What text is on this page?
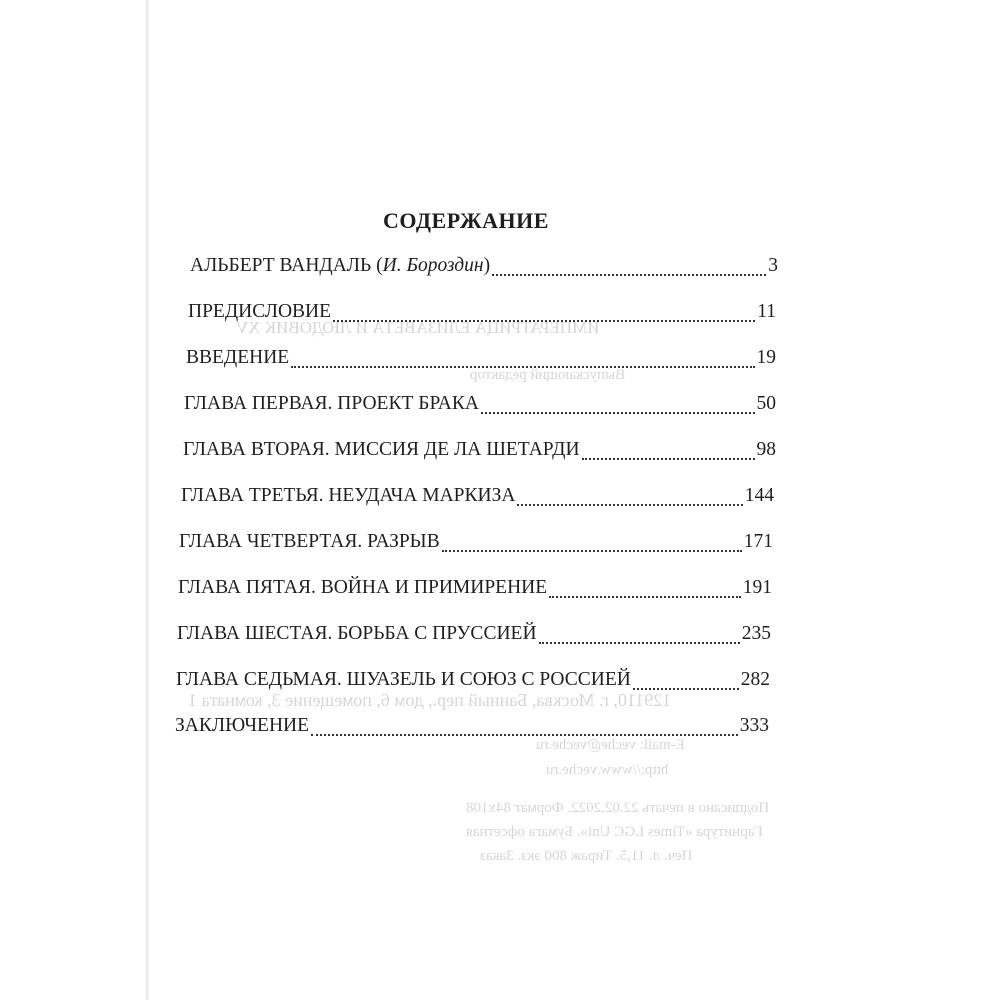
ИМПЕРАТРИЦА ЕЛИЗАВЕТА И ЛЮДОВИК XV
Выпускающий редактор
129110, г. Москва, Банный пер., дом 6, помещение 3, комната 1
E-mail: veche@veche.ru
http://www.veche.ru
Подписано в печать 22.02.2022. Формат 84х108
Гарнитура «Times LGC Uni». Бумага офсетная
Печ. л. 11,5. Тираж 800 экз. Заказ
СОДЕРЖАНИЕ
АЛЬБЕРТ ВАНДАЛЬ (И. Бороздин)	3
ПРЕДИСЛОВИЕ	11
ВВЕДЕНИЕ	19
ГЛАВА ПЕРВАЯ. ПРОЕКТ БРАКА	50
ГЛАВА ВТОРАЯ. МИССИЯ ДЕ ЛА ШЕТАРДИ	98
ГЛАВА ТРЕТЬЯ. НЕУДАЧА МАРКИЗА	144
ГЛАВА ЧЕТВЕРТАЯ. РАЗРЫВ	171
ГЛАВА ПЯТАЯ. ВОЙНА И ПРИМИРЕНИЕ	191
ГЛАВА ШЕСТАЯ. БОРЬБА С ПРУССИЕЙ	235
ГЛАВА СЕДЬМАЯ. ШУАЗЕЛЬ И СОЮЗ С РОССИЕЙ	282
ЗАКЛЮЧЕНИЕ	333
